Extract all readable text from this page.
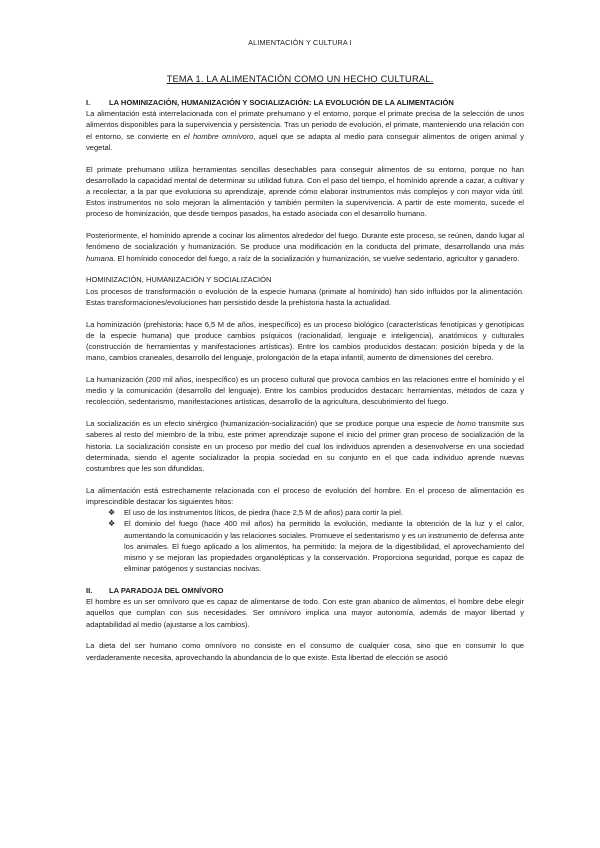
ALIMENTACIÓN Y CULTURA I
TEMA 1. LA ALIMENTACIÓN COMO UN HECHO CULTURAL.
I. LA HOMINIZACIÓN, HUMANIZACIÓN Y SOCIALIZACIÓN: LA EVOLUCIÓN DE LA ALIMENTACIÓN

La alimentación está interrelacionada con el primate prehumano y el entorno, porque el primate precisa de la selección de unos alimentos disponibles para la supervivencia y persistencia. Tras un periodo de evolución, el primate, manteniendo una relación con el entorno, se convierte en el hombre omnívoro, aquel que se adapta al medio para conseguir alimentos de origen animal y vegetal.

El primate prehumano utiliza herramientas sencillas desechables para conseguir alimentos de su entorno, porque no han desarrollado la capacidad mental de determinar su utilidad futura. Con el paso del tiempo, el homínido aprende a cazar, a cultivar y a recolectar, a la par que evoluciona su aprendizaje, aprende cómo elaborar instrumentos más complejos y con mayor vida útil. Estos instrumentos no solo mejoran la alimentación y también permiten la supervivencia. A partir de este momento, sucede el proceso de hominización, que desde tiempos pasados, ha estado asociada con el desarrollo humano.

Posteriormente, el homínido aprende a cocinar los alimentos alrededor del fuego. Durante este proceso, se reúnen, dando lugar al fenómeno de socialización y humanización. Se produce una modificación en la conducta del primate, desarrollando una más humana. El homínido conocedor del fuego, a raíz de la socialización y humanización, se vuelve sedentario, agricultor y ganadero.

HOMINIZACIÓN, HUMANIZACIÓN Y SOCIALIZACIÓN

Los procesos de transformación o evolución de la especie humana (primate al homínido) han sido influidos por la alimentación. Estas transformaciones/evoluciones han persistido desde la prehistoria hasta la actualidad.

La hominización (prehistoria: hace 6,5 M de años, inespecífico) es un proceso biológico (características fenotípicas y genotípicas de la especie humana) que produce cambios psíquicos (racionalidad, lenguaje e inteligencia), anatómicos y culturales (construcción de herramientas y manifestaciones artísticas). Entre los cambios producidos destacan: posición bípeda y de la mano, cambios craneales, desarrollo del lenguaje, prolongación de la etapa infantil, aumento de dimensiones del cerebro.

La humanización (200 mil años, inespecífico) es un proceso cultural que provoca cambios en las relaciones entre el homínido y el medio y la comunicación (desarrollo del lenguaje). Entre los cambios producidos destacan: herramientas, métodos de caza y recolección, sedentarismo, manifestaciones artísticas, desarrollo de la agricultura, descubrimiento del fuego.

La socialización es un efecto sinérgico (humanización-socialización) que se produce porque una especie de homo transmite sus saberes al resto del miembro de la tribu, este primer aprendizaje supone el inicio del primer gran proceso de socialización de la historia. La socialización consiste en un proceso por medio del cual los individuos aprenden a desenvolverse en una sociedad determinada, siendo el agente socializador la propia sociedad en su conjunto en el que cada individuo aprende nuevas costumbres que les son difundidas.

La alimentación está estrechamente relacionada con el proceso de evolución del hombre. En el proceso de alimentación es imprescindible destacar los siguientes hitos:

❖ El uso de los instrumentos líticos, de piedra (hace 2,5 M de años) para cortir la piel.
❖ El dominio del fuego (hace 400 mil años) ha permitido la evolución, mediante la obtención de la luz y el calor, aumentando la comunicación y las relaciones sociales. Promueve el sedentarismo y es un instrumento de defensa ante los animales. El fuego aplicado a los alimentos, ha permitido: la mejora de la digestibilidad, el aprovechamiento del mismo y se mejoran las propiedades organolépticas y la conservación. Proporciona seguridad, porque es capaz de eliminar patógenos y sustancias nocivas.
II. LA PARADOJA DEL OMNÍVORO

El hombre es un ser omnívoro que es capaz de alimentarse de todo. Con este gran abanico de alimentos, el hombre debe elegir aquellos que cumplan con sus necesidades. Ser omnívoro implica una mayor autonomía, además de mayor libertad y adaptabilidad al medio (ajustarse a los cambios).

La dieta del ser humano como omnívoro no consiste en el consumo de cualquier cosa, sino que en consumir lo que verdaderamente necesita, aprovechando la abundancia de lo que existe. Esta libertad de elección se asoció
